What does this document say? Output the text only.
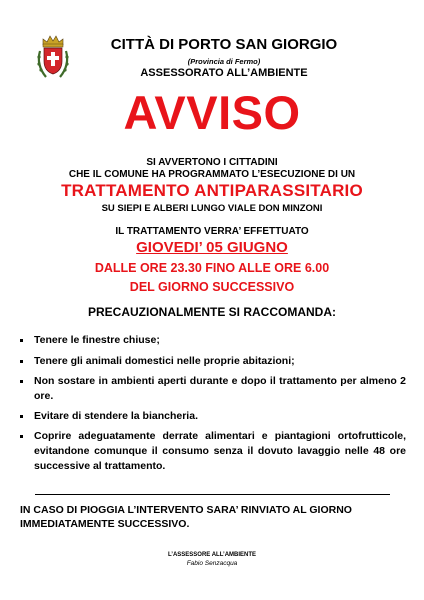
CITTÀ DI PORTO SAN GIORGIO
(Provincia di Fermo)
ASSESSORATO ALL’AMBIENTE
AVVISO
SI AVVERTONO I CITTADINI
CHE IL COMUNE HA PROGRAMMATO L’ESECUZIONE DI UN
TRATTAMENTO ANTIPARASSITARIO
SU SIEPI E ALBERI LUNGO VIALE DON MINZONI
IL TRATTAMENTO VERRA’ EFFETTUATO
GIOVEDI’ 05 GIUGNO
DALLE ORE 23.30 FINO ALLE ORE 6.00
DEL GIORNO SUCCESSIVO
PRECAUZIONALMENTE SI RACCOMANDA:
Tenere le finestre chiuse;
Tenere gli animali domestici nelle proprie abitazioni;
Non sostare in ambienti aperti durante e dopo il trattamento per almeno 2 ore.
Evitare di stendere la biancheria.
Coprire adeguatamente derrate alimentari e piantagioni ortofrutticole, evitandone comunque il consumo senza il dovuto lavaggio nelle 48 ore successive al trattamento.
IN CASO DI PIOGGIA L’INTERVENTO SARA’ RINVIATO AL GIORNO IMMEDIATAMENTE SUCCESSIVO.
L’ASSESSORE ALL’AMBIENTE
Fabio Senzacqua
